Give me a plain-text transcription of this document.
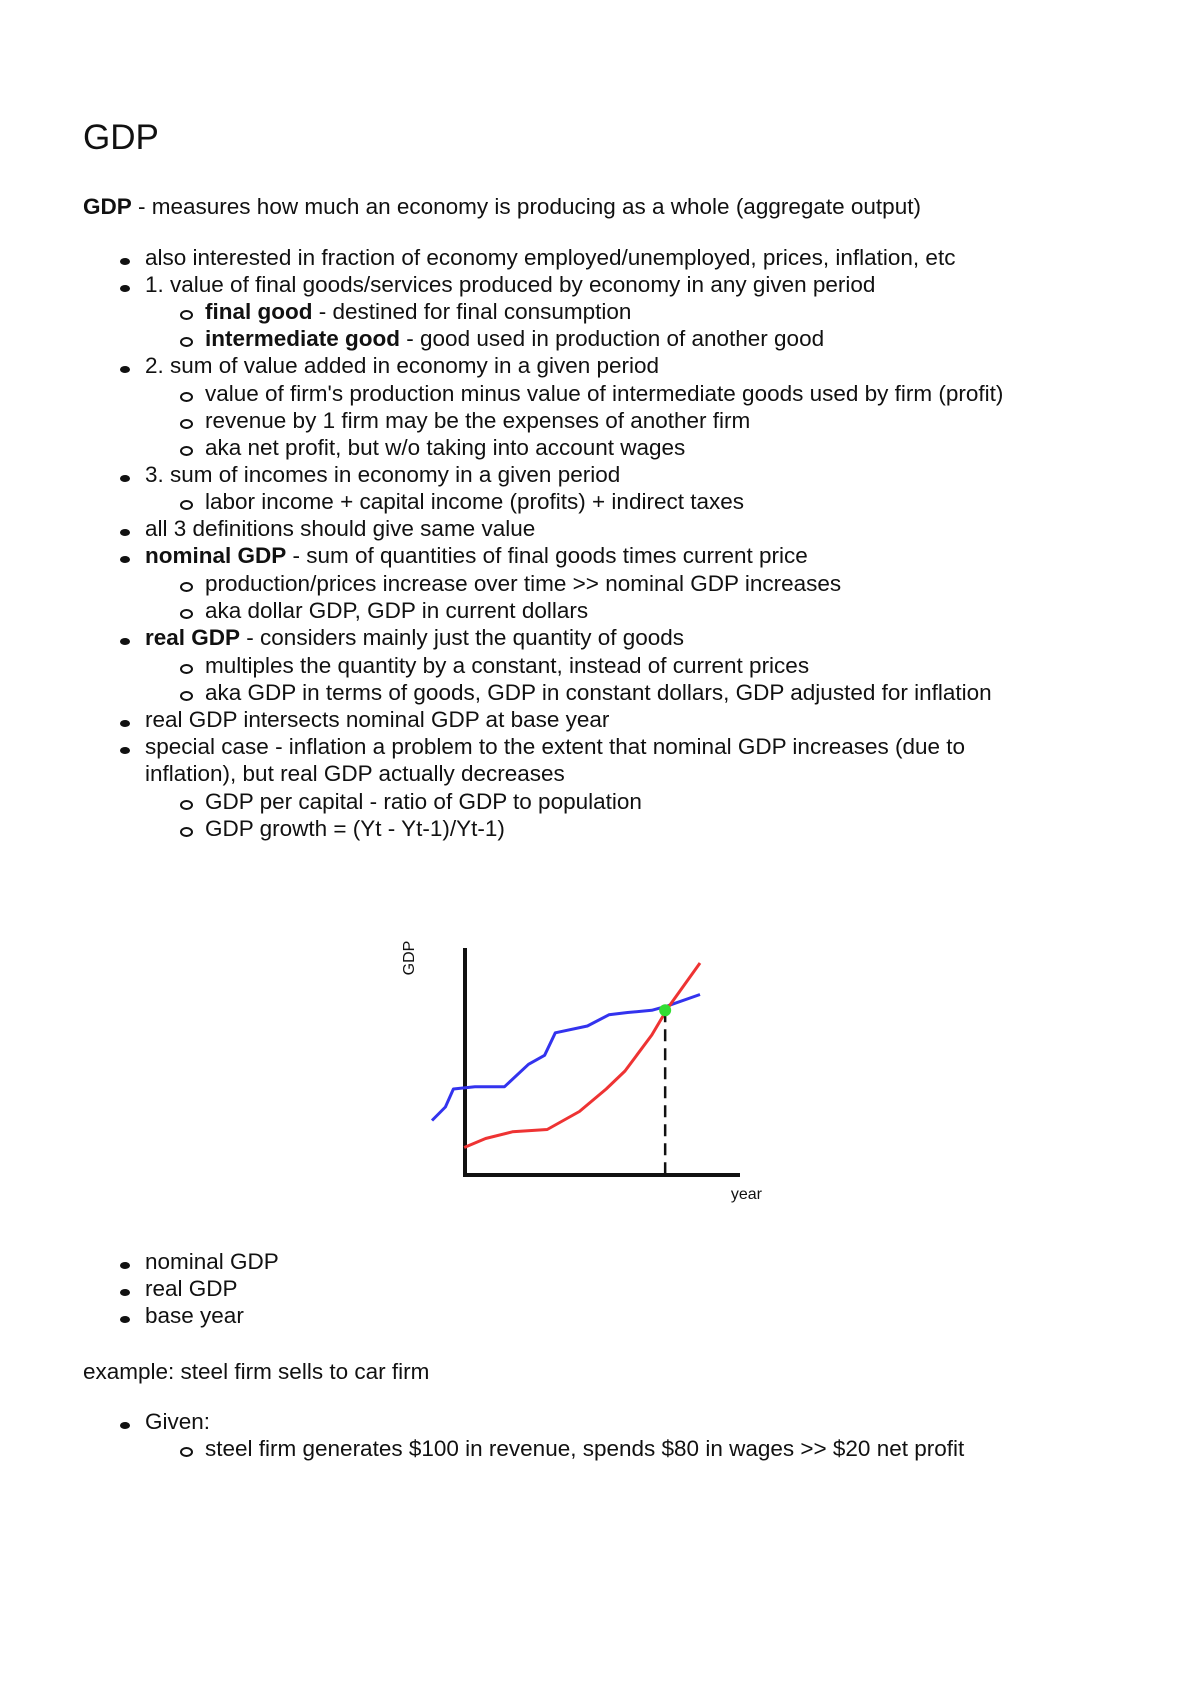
GDP

GDP - measures how much an economy is producing as a whole (aggregate output)

also interested in fraction of economy employed/unemployed, prices, inflation, etc
1. value of final goods/services produced by economy in any given period
final good - destined for final consumption
intermediate good - good used in production of another good
2. sum of value added in economy in a given period
value of firm's production minus value of intermediate goods used by firm (profit)
revenue by 1 firm may be the expenses of another firm
aka net profit, but w/o taking into account wages
3. sum of incomes in economy in a given period
labor income + capital income (profits) + indirect taxes
all 3 definitions should give same value
nominal GDP - sum of quantities of final goods times current price
production/prices increase over time >> nominal GDP increases
aka dollar GDP, GDP in current dollars
real GDP - considers mainly just the quantity of goods
multiples the quantity by a constant, instead of current prices
aka GDP in terms of goods, GDP in constant dollars, GDP adjusted for inflation
real GDP intersects nominal GDP at base year
special case - inflation a problem to the extent that nominal GDP increases (due to
inflation), but real GDP actually decreases
GDP per capital - ratio of GDP to population
GDP growth = (Yt - Yt-1)/Yt-1)
GDP
year
nominal GDP
real GDP
base year

example: steel firm sells to car firm

Given:
steel firm generates $100 in revenue, spends $80 in wages >> $20 net profit
